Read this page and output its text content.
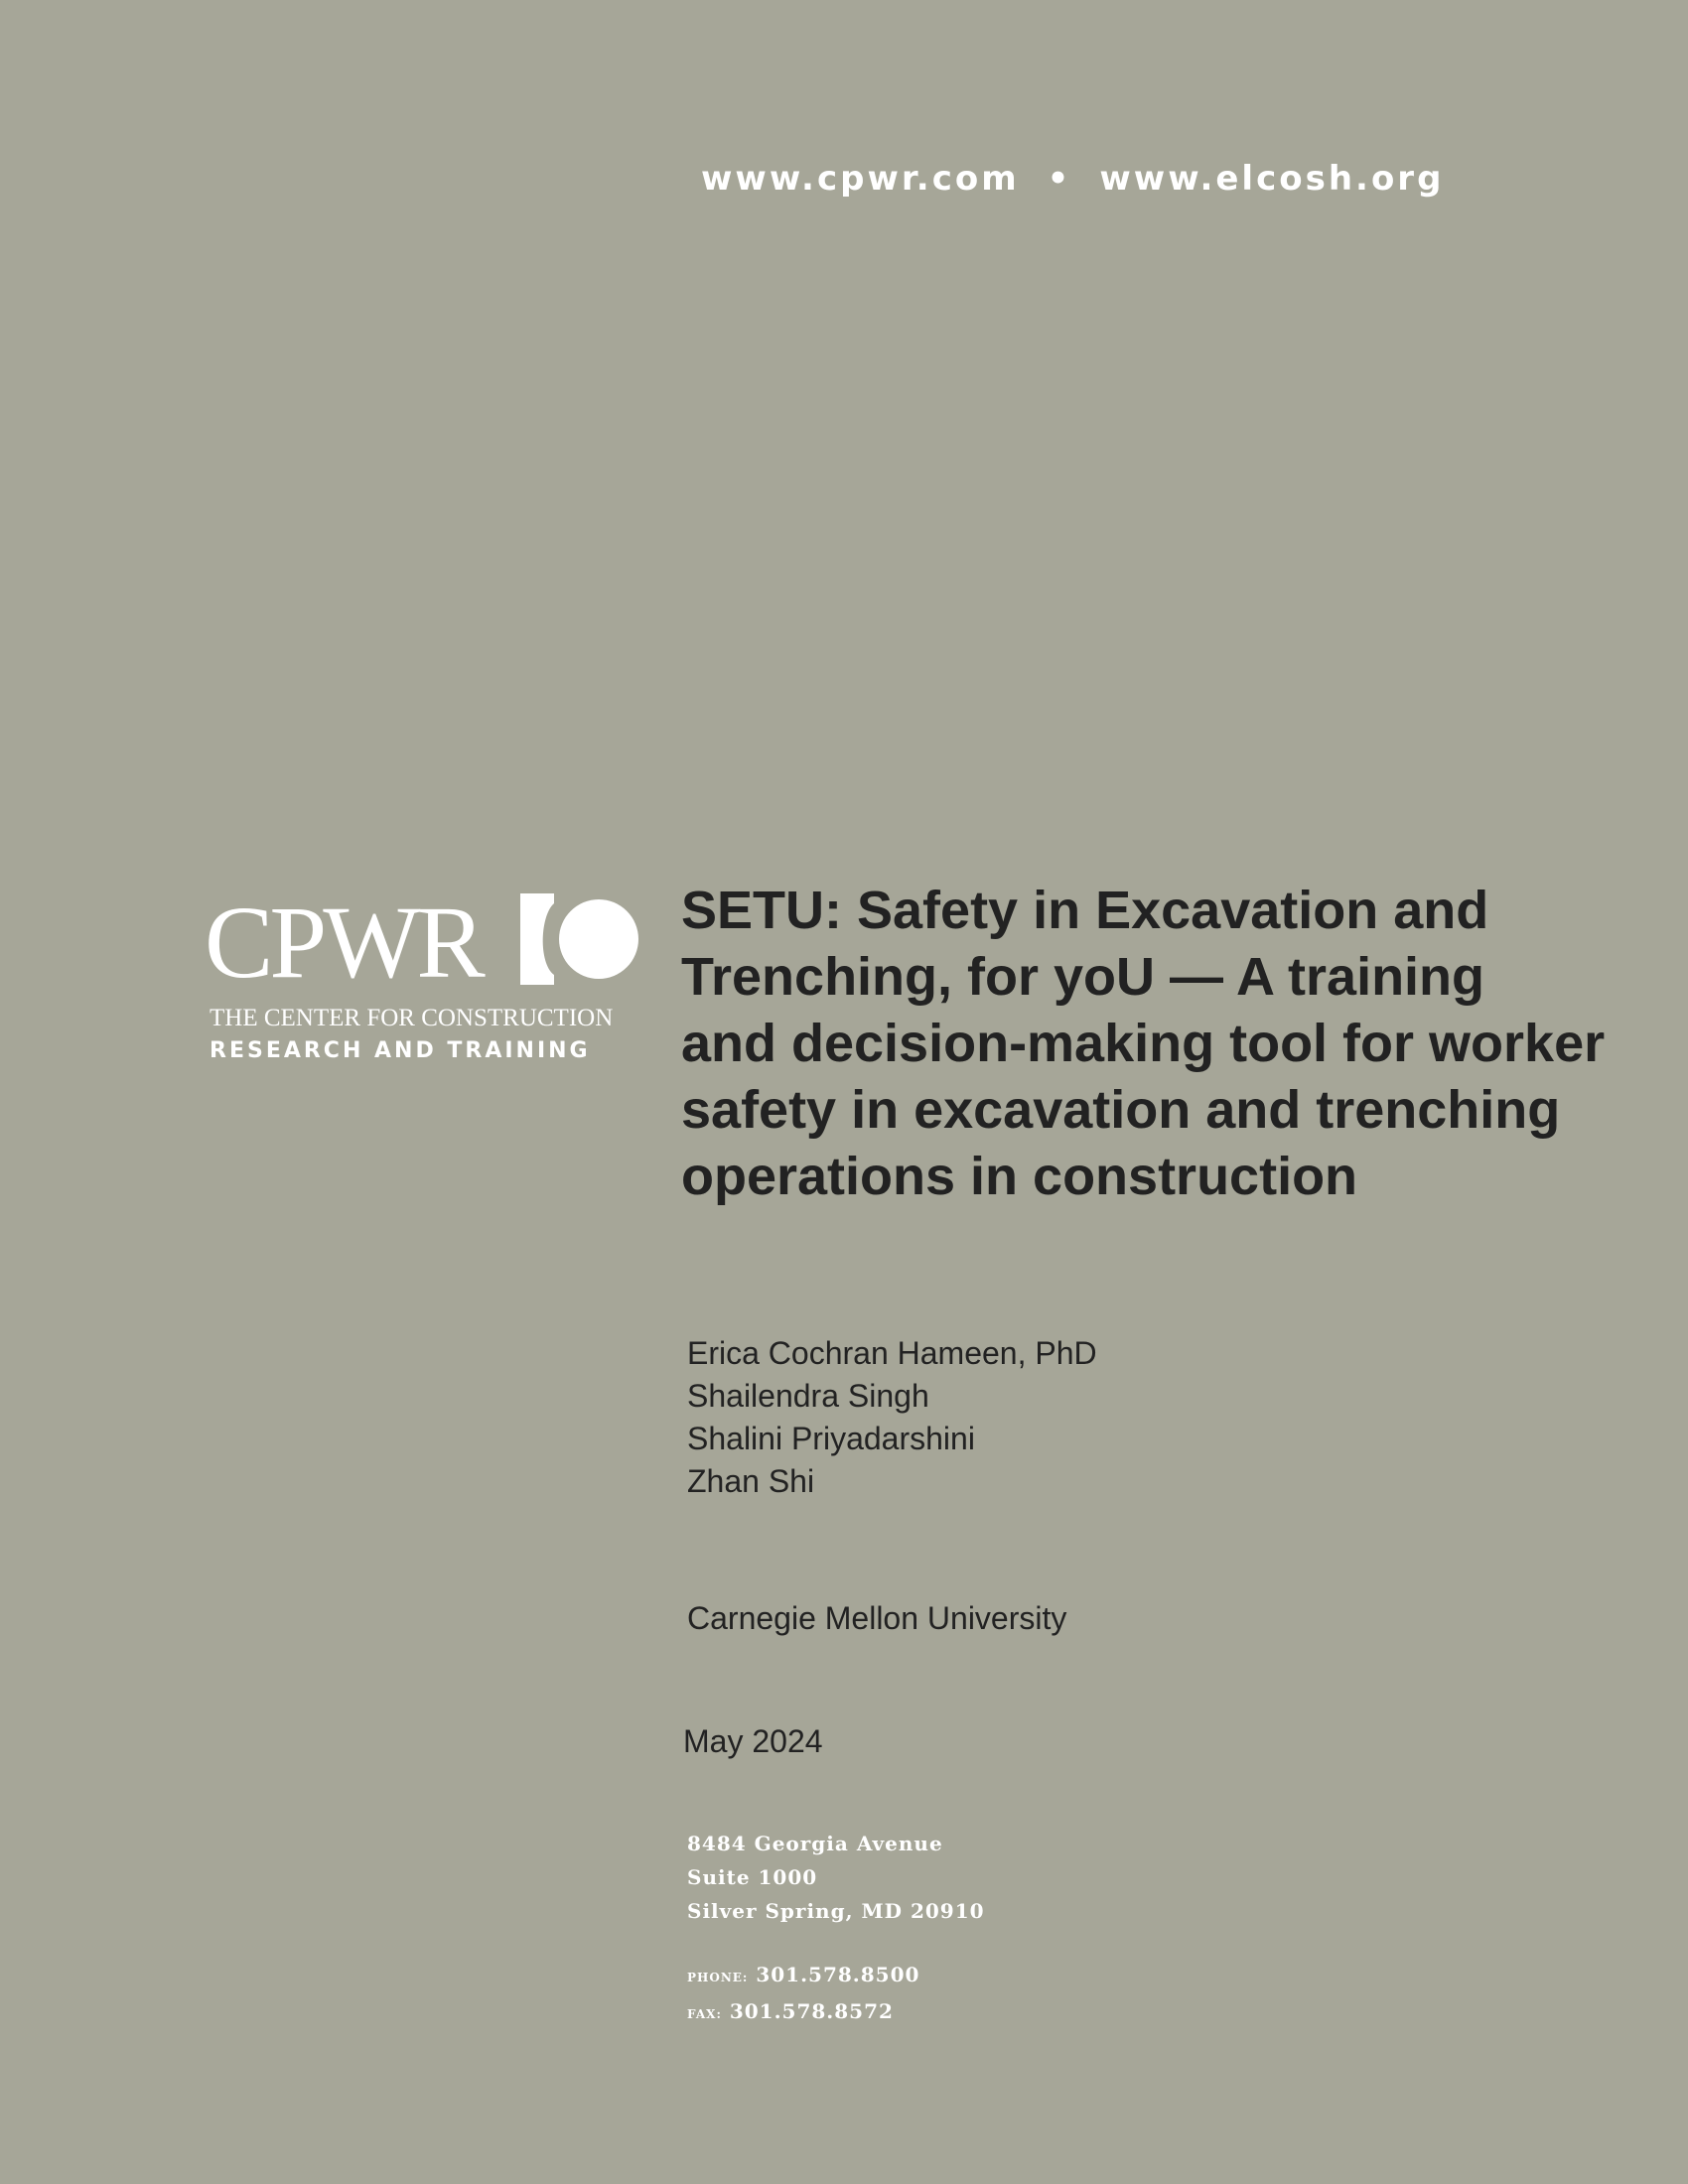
www.cpwr.com • www.elcosh.org
CPWR
THE CENTER FOR CONSTRUCTION
RESEARCH AND TRAINING
SETU: Safety in Excavation and
Trenching, for yoU — A training
and decision-making tool for worker
safety in excavation and trenching
operations in construction
Erica Cochran Hameen, PhD
Shailendra Singh
Shalini Priyadarshini
Zhan Shi
Carnegie Mellon University
May 2024
8484 Georgia Avenue
Suite 1000
Silver Spring, MD 20910
PHONE: 301.578.8500
FAX: 301.578.8572
